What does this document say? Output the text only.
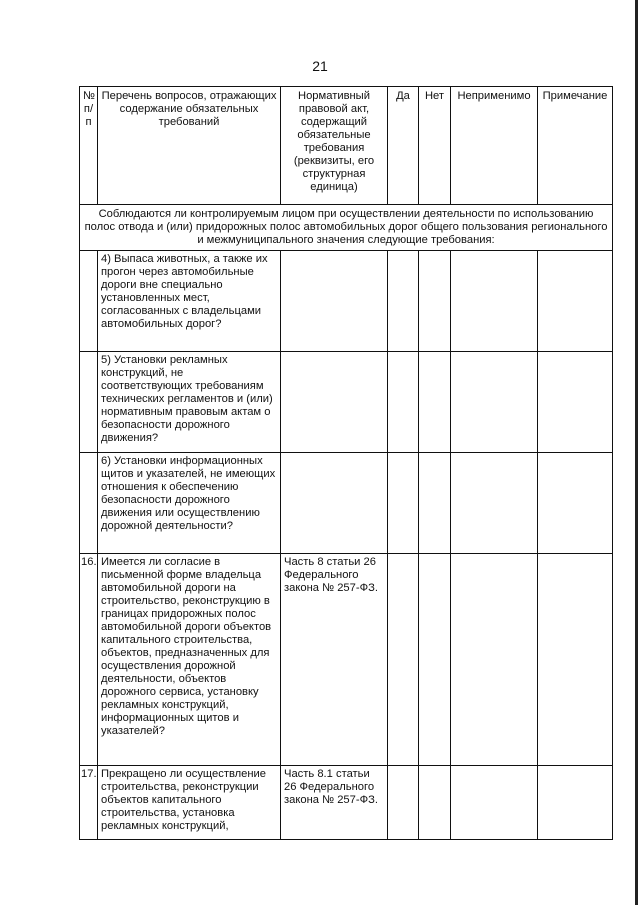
21
№ п/п	Перечень вопросов, отражающих содержание обязательных требований	Нормативный правовой акт, содержащий обязательные требования (реквизиты, его структурная единица)	Да	Нет	Неприменимо	Примечание
Соблюдаются ли контролируемым лицом при осуществлении деятельности по использованию полос отвода и (или) придорожных полос автомобильных дорог общего пользования регионального и межмуниципального значения следующие требования:						
	4) Выпаса животных, а также их прогон через автомобильные дороги вне специально установленных мест, согласованных с владельцами автомобильных дорог?					
	5) Установки рекламных конструкций, не соответствующих требованиям технических регламентов и (или) нормативным правовым актам о безопасности дорожного движения?					
	6) Установки информационных щитов и указателей, не имеющих отношения к обеспечению безопасности дорожного движения или осуществлению дорожной деятельности?					
16.	Имеется ли согласие в письменной форме владельца автомобильной дороги на строительство, реконструкцию в границах придорожных полос автомобильной дороги объектов капитального строительства, объектов, предназначенных для осуществления дорожной деятельности, объектов дорожного сервиса, установку рекламных конструкций, информационных щитов и указателей?	Часть 8 статьи 26 Федерального закона № 257-ФЗ.				
17.	Прекращено ли осуществление строительства, реконструкции объектов капитального строительства, установка рекламных конструкций,	Часть 8.1 статьи 26 Федерального закона № 257-ФЗ.				
